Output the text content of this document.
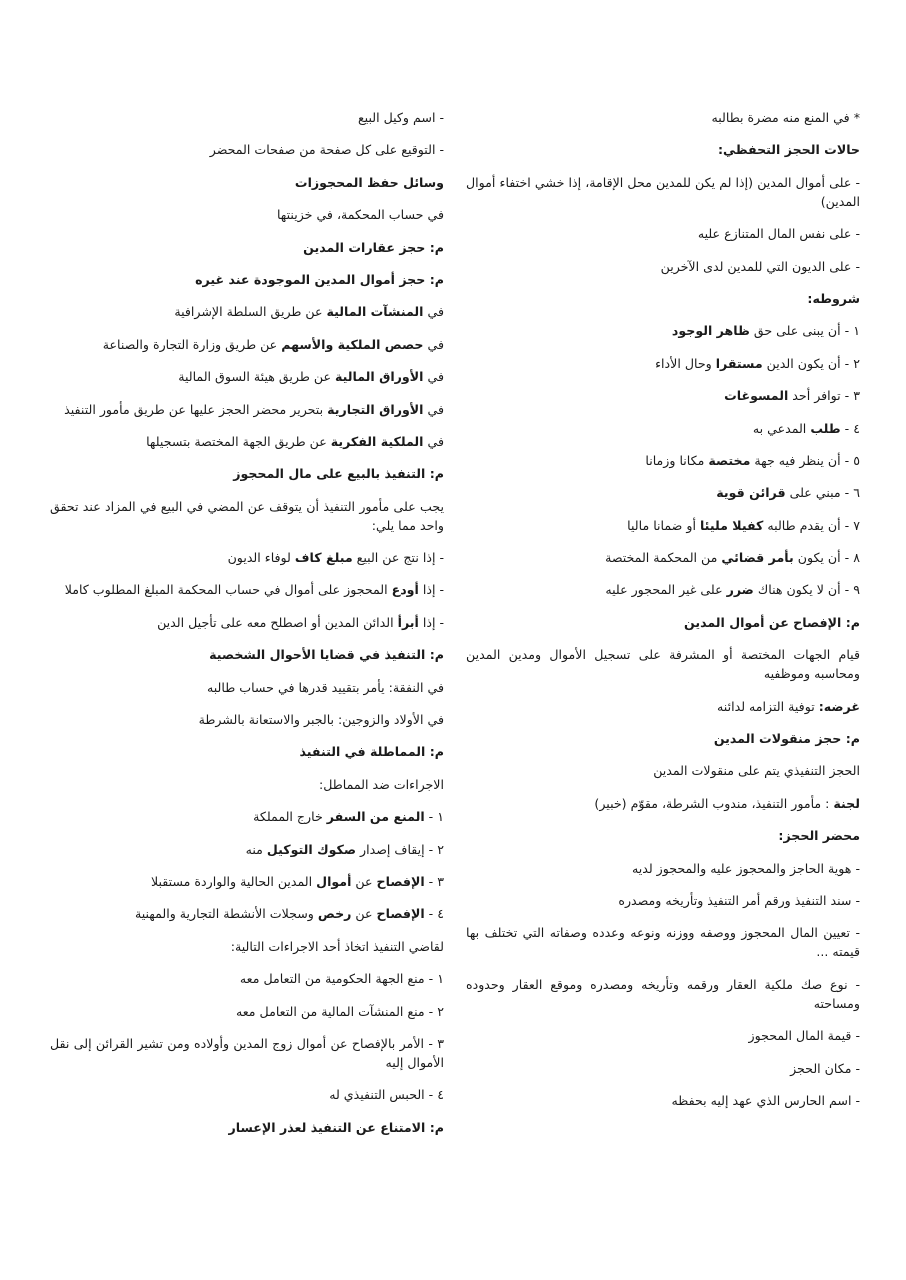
* في المنع منه مضرة بطالبه
حالات الحجز التحفظي:
- على أموال المدين (إذا لم يكن للمدين محل الإقامة، إذا خشي اختفاء أموال المدين)
- على نفس المال المتنازع عليه
- على الديون التي للمدين لدى الآخرين
شروطه:
١ - أن يبنى على حق ظاهر الوجود
٢ - أن يكون الدين مستقرا وحال الأداء
٣ - توافر أحد المسوغات
٤ - طلب المدعي به
٥ - أن ينظر فيه جهة مختصة مكانا وزمانا
٦ - مبني على قرائن قوية
٧ - أن يقدم طالبه كفيلا مليئا أو ضمانا ماليا
٨ - أن يكون بأمر قضائي من المحكمة المختصة
٩ - أن لا يكون هناك ضرر على غير المحجور عليه
م: الإفصاح عن أموال المدين
قيام الجهات المختصة أو المشرفة على تسجيل الأموال ومدين المدين ومحاسبه وموظفيه
غرضه: توفية التزامه لدائنه
م: حجز منقولات المدين
الحجز التنفيذي يتم على منقولات المدين
لجنة : مأمور التنفيذ، مندوب الشرطة، مقوّم (خبير)
محضر الحجز:
- هوية الحاجز والمحجوز عليه والمحجوز لديه
- سند التنفيذ ورقم أمر التنفيذ وتأريخه ومصدره
- تعيين المال المحجوز ووصفه ووزنه ونوعه وعدده وصفاته التي تختلف بها قيمته ...
- نوع صك ملكية العقار ورقمه وتأريخه ومصدره وموقع العقار وحدوده ومساحته
- قيمة المال المحجوز
- مكان الحجز
- اسم الحارس الذي عهد إليه بحفظه
- اسم وكيل البيع
- التوقيع على كل صفحة من صفحات المحضر
وسائل حفظ المحجوزات
في حساب المحكمة، في خزينتها
م: حجز عقارات المدين
م: حجز أموال المدين الموجودة عند غيره
في المنشآت المالية عن طريق السلطة الإشرافية
في حصص الملكية والأسهم عن طريق وزارة التجارة والصناعة
في الأوراق المالية عن طريق هيئة السوق المالية
في الأوراق التجارية بتحرير محضر الحجز عليها عن طريق مأمور التنفيذ
في الملكية الفكرية عن طريق الجهة المختصة بتسجيلها
م: التنفيذ بالبيع على مال المحجوز
يجب على مأمور التنفيذ أن يتوقف عن المضي في البيع في المزاد عند تحقق واحد مما يلي:
- إذا نتج عن البيع مبلغ كاف لوفاء الديون
- إذا أودع المحجوز على أموال في حساب المحكمة المبلغ المطلوب كاملا
- إذا أبرأ الدائن المدين أو اصطلح معه على تأجيل الدين
م: التنفيذ في قضايا الأحوال الشخصية
في النفقة: يأمر بتقييد قدرها في حساب طالبه
في الأولاد والزوجين: بالجبر والاستعانة بالشرطة
م: المماطلة في التنفيذ
الاجراءات ضد المماطل:
١ - المنع من السفر خارج المملكة
٢ - إيقاف إصدار صكوك التوكيل منه
٣ - الإفصاح عن أموال المدين الحالية والواردة مستقبلا
٤ - الإفصاح عن رخص وسجلات الأنشطة التجارية والمهنية
لقاضي التنفيذ اتخاذ أحد الاجراءات التالية:
١ - منع الجهة الحكومية من التعامل معه
٢ - منع المنشآت المالية من التعامل معه
٣ - الأمر بالإفصاح عن أموال زوج المدين وأولاده ومن تشير القرائن إلى نقل الأموال إليه
٤ - الحبس التنفيذي له
م: الامتناع عن التنفيذ لعذر الإعسار
